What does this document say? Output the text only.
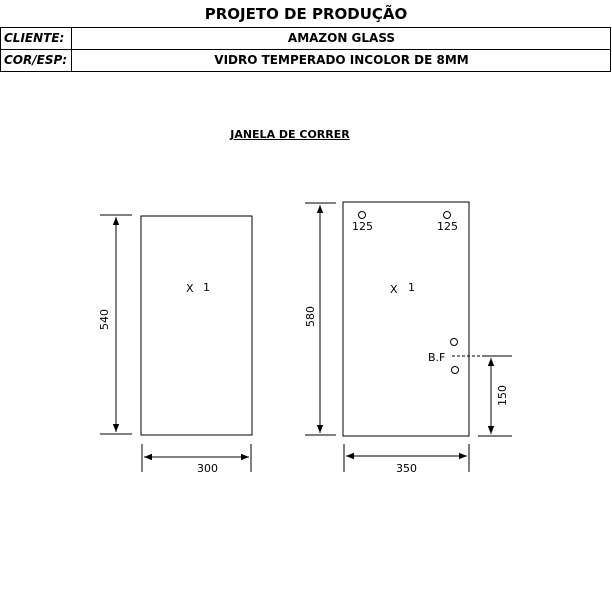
PROJETO DE PRODUÇÃO
CLIENTE:	AMAZON GLASS
COR/ESP:	VIDRO TEMPERADO INCOLOR DE 8MM
JANELA DE CORRER
X 1
540
300
X 1
125	125
B.F
150
580
350
